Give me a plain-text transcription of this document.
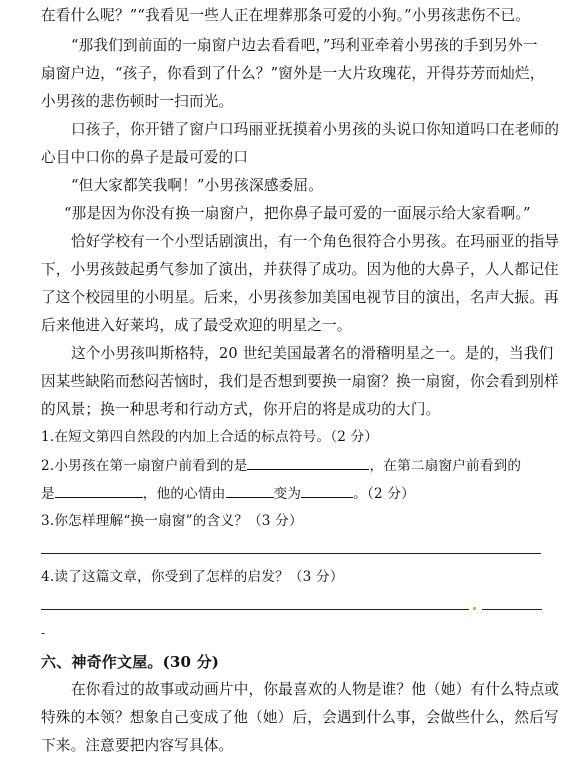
在看什么呢？”“我看见一些人正在埋葬那条可爱的小狗。”小男孩悲伤不已。
“那我们到前面的一扇窗户边去看看吧，”玛利亚牵着小男孩的手到另外一
扇窗户边，“孩子，你看到了什么？”窗外是一大片玫瑰花，开得芬芳而灿烂，
小男孩的悲伤顿时一扫而光。
口孩子，你开错了窗户口玛丽亚抚摸着小男孩的头说口你知道吗口在老师的
心目中口你的鼻子是最可爱的口
“但大家都笑我啊！”小男孩深感委屈。
“那是因为你没有换一扇窗户，把你鼻子最可爱的一面展示给大家看啊。”
恰好学校有一个小型话剧演出，有一个角色很符合小男孩。在玛丽亚的指导
下，小男孩鼓起勇气参加了演出，并获得了成功。因为他的大鼻子，人人都记住
了这个校园里的小明星。后来，小男孩参加美国电视节目的演出，名声大振。再
后来他进入好莱坞，成了最受欢迎的明星之一。
这个小男孩叫斯格特，20 世纪美国最著名的滑稽明星之一。是的，当我们
因某些缺陷而愁闷苦恼时，我们是否想到要换一扇窗？换一扇窗，你会看到别样
的风景；换一种思考和行动方式，你开启的将是成功的大门。
1.在短文第四自然段的内加上合适的标点符号。（2 分）
2.小男孩在第一扇窗户前看到的是	，在第二扇窗户前看到的
是	，他的心情由	变为	。（2 分）
3.你怎样理解“换一扇窗”的含义？（3 分）
4.读了这篇文章，你受到了怎样的启发？（3 分）
-
六、神奇作文屋。(30 分)
在你看过的故事或动画片中，你最喜欢的人物是谁？他（她）有什么特点或
特殊的本领？想象自己变成了他（她）后，会遇到什么事，会做些什么，然后写
下来。注意要把内容写具体。
